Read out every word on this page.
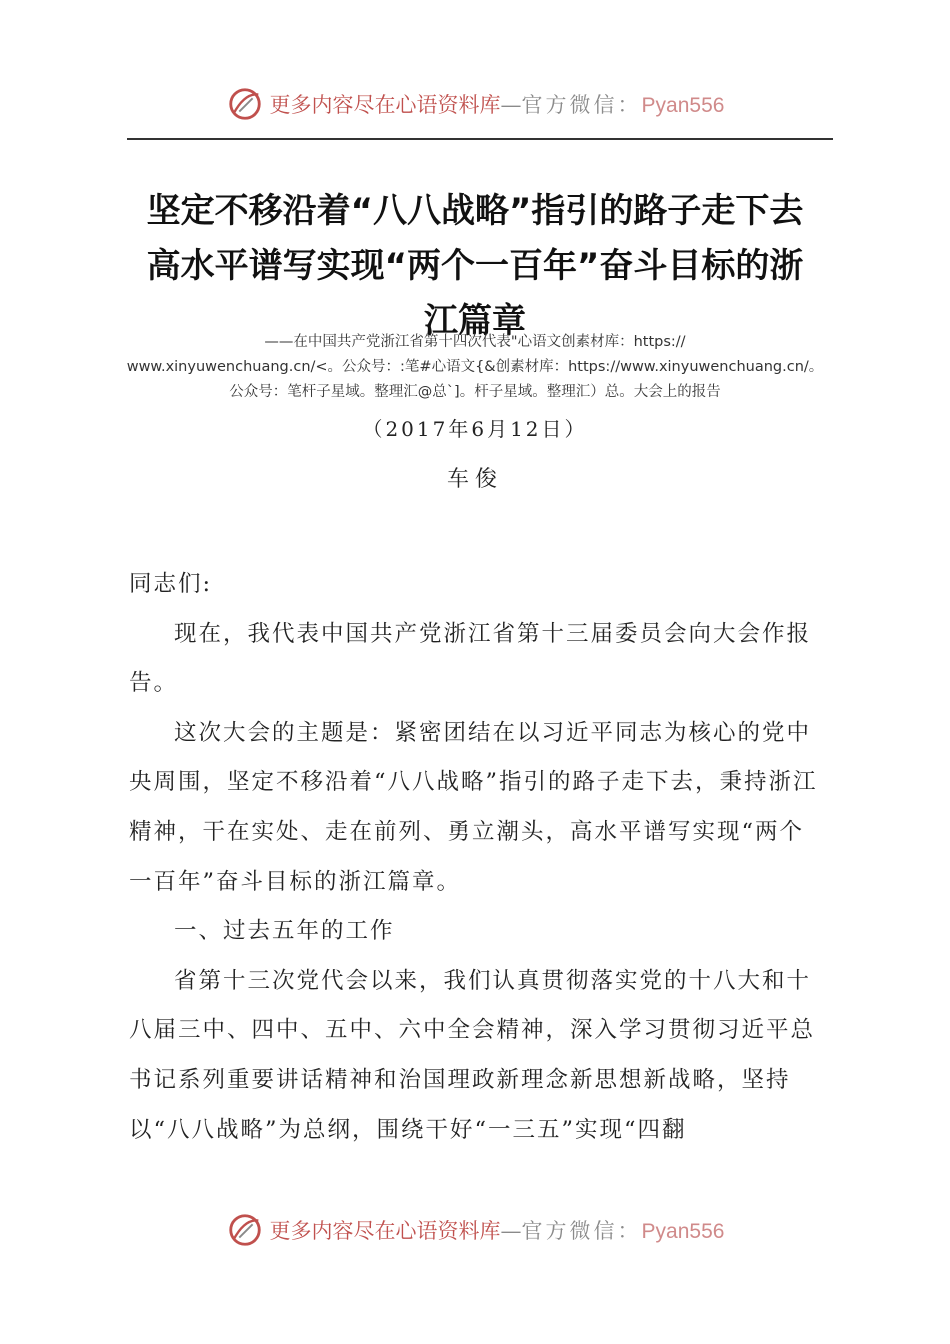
更多内容尽在心语资料库—官方微信：Pyan556
坚定不移沿着“八八战略”指引的路子走下去
高水平谱写实现“两个一百年”奋斗目标的浙
江篇章
——在中国共产党浙江省第十四次代表"心语文创素材库：https://
www.xinyuwenchuang.cn/<。公众号：:笔#心语文{&创素材库：https://www.xinyuwenchuang.cn/。
公众号：笔杆子星域。整理汇@总`]。杆子星域。整理汇）总。大会上的报告
（2017年6月12日）
车俊

同志们:

现在，我代表中国共产党浙江省第十三届委员会向大会作报告。

这次大会的主题是：紧密团结在以习近平同志为核心的党中央周围，坚定不移沿着“八八战略”指引的路子走下去，秉持浙江精神，干在实处、走在前列、勇立潮头，高水平谱写实现“两个一百年”奋斗目标的浙江篇章。

一、过去五年的工作

省第十三次党代会以来，我们认真贯彻落实党的十八大和十八届三中、四中、五中、六中全会精神，深入学习贯彻习近平总书记系列重要讲话精神和治国理政新理念新思想新战略，坚持以“八八战略”为总纲，围绕干好“一三五”实现“四翻

更多内容尽在心语资料库—官方微信：Pyan556
